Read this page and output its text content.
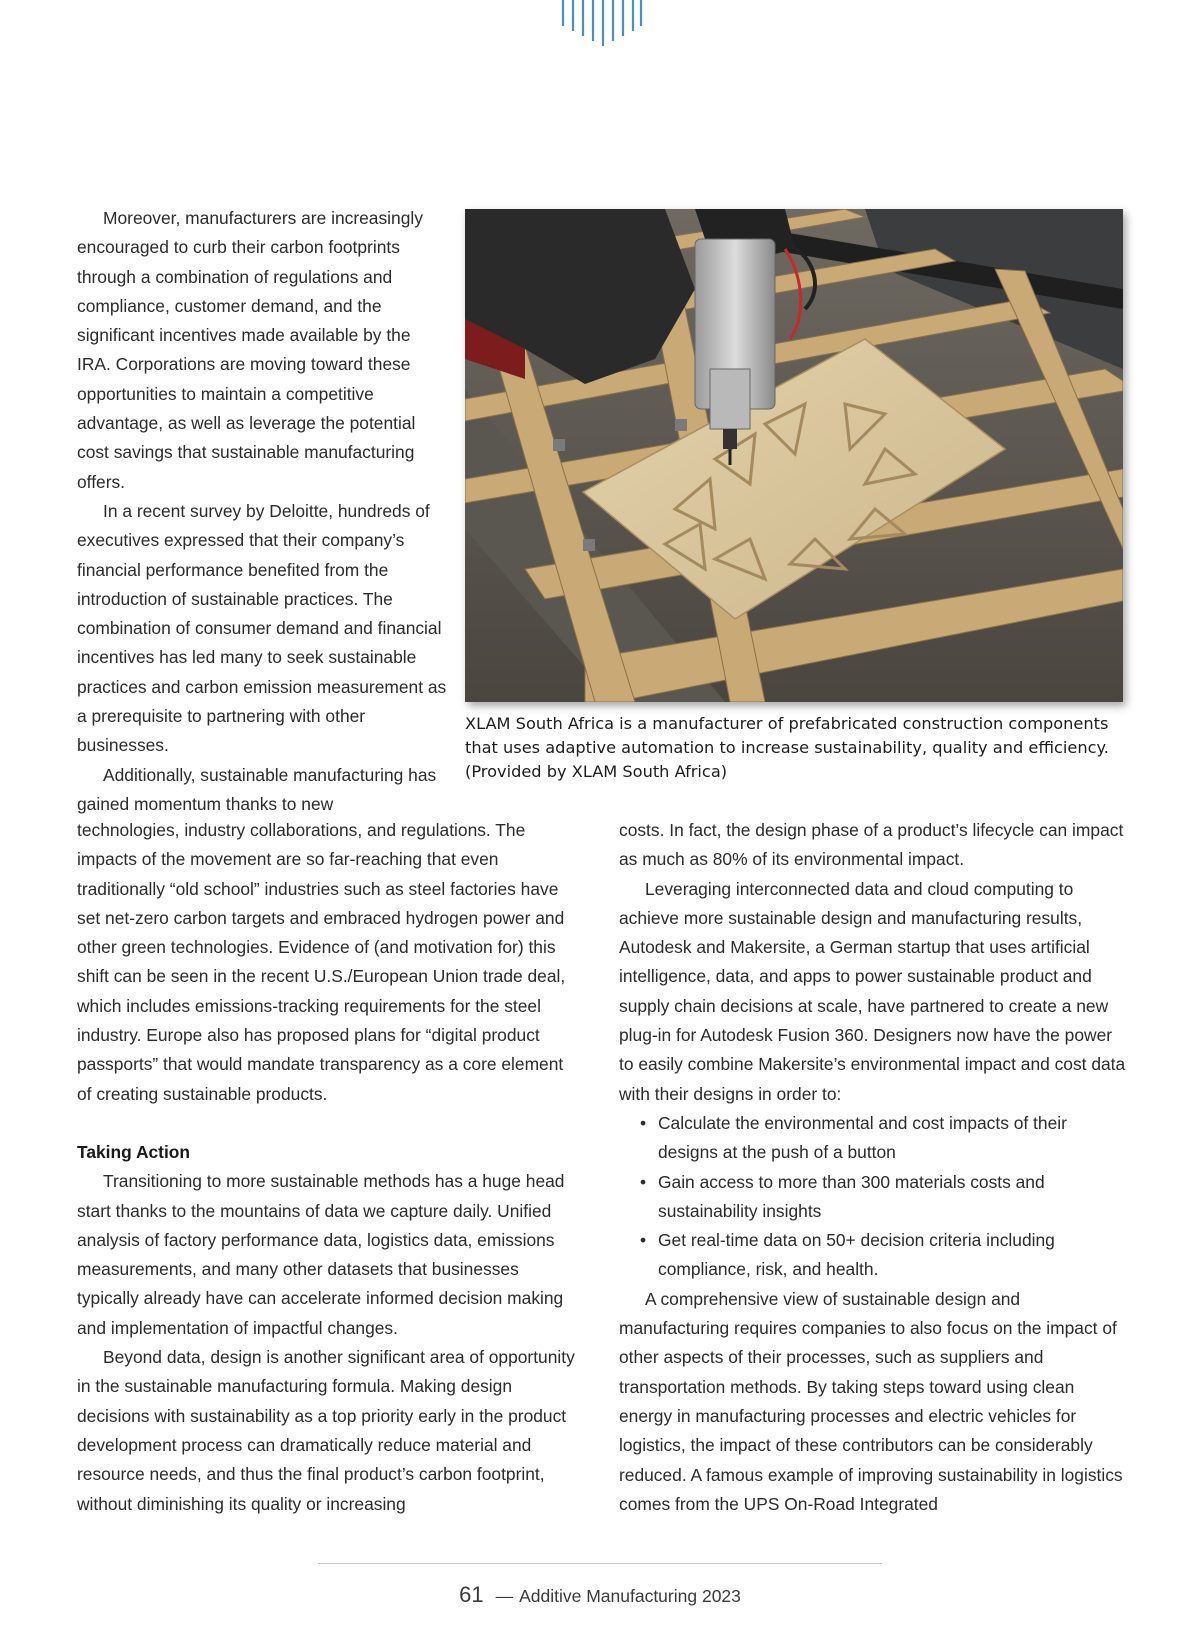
Moreover, manufacturers are increasingly encouraged to curb their carbon footprints through a combination of regulations and compliance, customer demand, and the significant incentives made available by the IRA. Corporations are moving toward these opportunities to maintain a competitive advantage, as well as leverage the potential cost savings that sustainable manufacturing offers.

In a recent survey by Deloitte, hundreds of executives expressed that their company’s financial performance benefited from the introduction of sustainable practices. The combination of consumer demand and financial incentives has led many to seek sustainable practices and carbon emission measurement as a prerequisite to partnering with other businesses.

Additionally, sustainable manufacturing has gained momentum thanks to new

XLAM South Africa is a manufacturer of prefabricated construction components that uses adaptive automation to increase sustainability, quality and efficiency. (Provided by XLAM South Africa)

technologies, industry collaborations, and regulations. The impacts of the movement are so far-reaching that even traditionally “old school” industries such as steel factories have set net-zero carbon targets and embraced hydrogen power and other green technologies. Evidence of (and motivation for) this shift can be seen in the recent U.S./European Union trade deal, which includes emissions-tracking requirements for the steel industry. Europe also has proposed plans for “digital product passports” that would mandate transparency as a core element of creating sustainable products.

Taking Action

Transitioning to more sustainable methods has a huge head start thanks to the mountains of data we capture daily. Unified analysis of factory performance data, logistics data, emissions measurements, and many other datasets that businesses typically already have can accelerate informed decision making and implementation of impactful changes.

Beyond data, design is another significant area of opportunity in the sustainable manufacturing formula. Making design decisions with sustainability as a top priority early in the product development process can dramatically reduce material and resource needs, and thus the final product’s carbon footprint, without diminishing its quality or increasing

costs. In fact, the design phase of a product’s lifecycle can impact as much as 80% of its environmental impact.

Leveraging interconnected data and cloud computing to achieve more sustainable design and manufacturing results, Autodesk and Makersite, a German startup that uses artificial intelligence, data, and apps to power sustainable product and supply chain decisions at scale, have partnered to create a new plug-in for Autodesk Fusion 360. Designers now have the power to easily combine Makersite’s environmental impact and cost data with their designs in order to:

• Calculate the environmental and cost impacts of their designs at the push of a button
• Gain access to more than 300 materials costs and sustainability insights
• Get real-time data on 50+ decision criteria including compliance, risk, and health.

A comprehensive view of sustainable design and manufacturing requires companies to also focus on the impact of other aspects of their processes, such as suppliers and transportation methods. By taking steps toward using clean energy in manufacturing processes and electric vehicles for logistics, the impact of these contributors can be considerably reduced. A famous example of improving sustainability in logistics comes from the UPS On-Road Integrated

61 — Additive Manufacturing 2023
